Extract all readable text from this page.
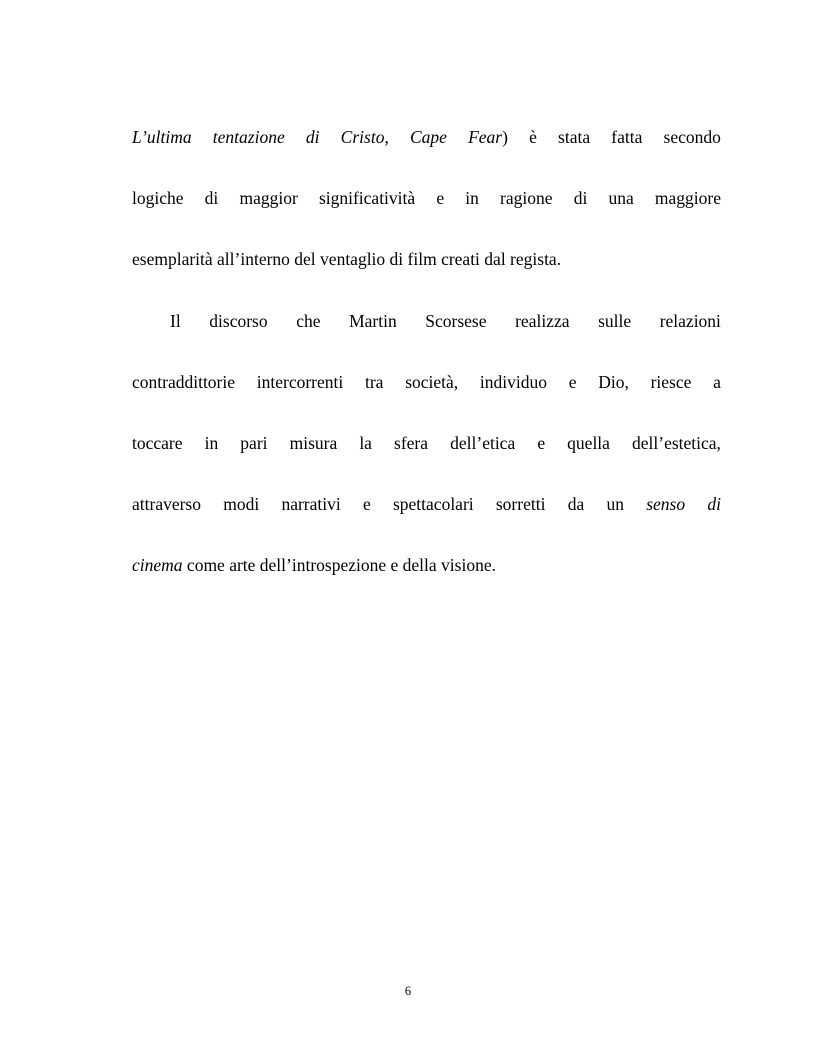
L’ultima tentazione di Cristo, Cape Fear) è stata fatta secondo
logiche di maggior significatività e in ragione di una maggiore
esemplarità all’interno del ventaglio di film creati dal regista.
Il discorso che Martin Scorsese realizza sulle relazioni
contraddittorie intercorrenti tra società, individuo e Dio, riesce a
toccare in pari misura la sfera dell’etica e quella dell’estetica,
attraverso modi narrativi e spettacolari sorretti da un senso di
cinema come arte dell’introspezione e della visione.
6
